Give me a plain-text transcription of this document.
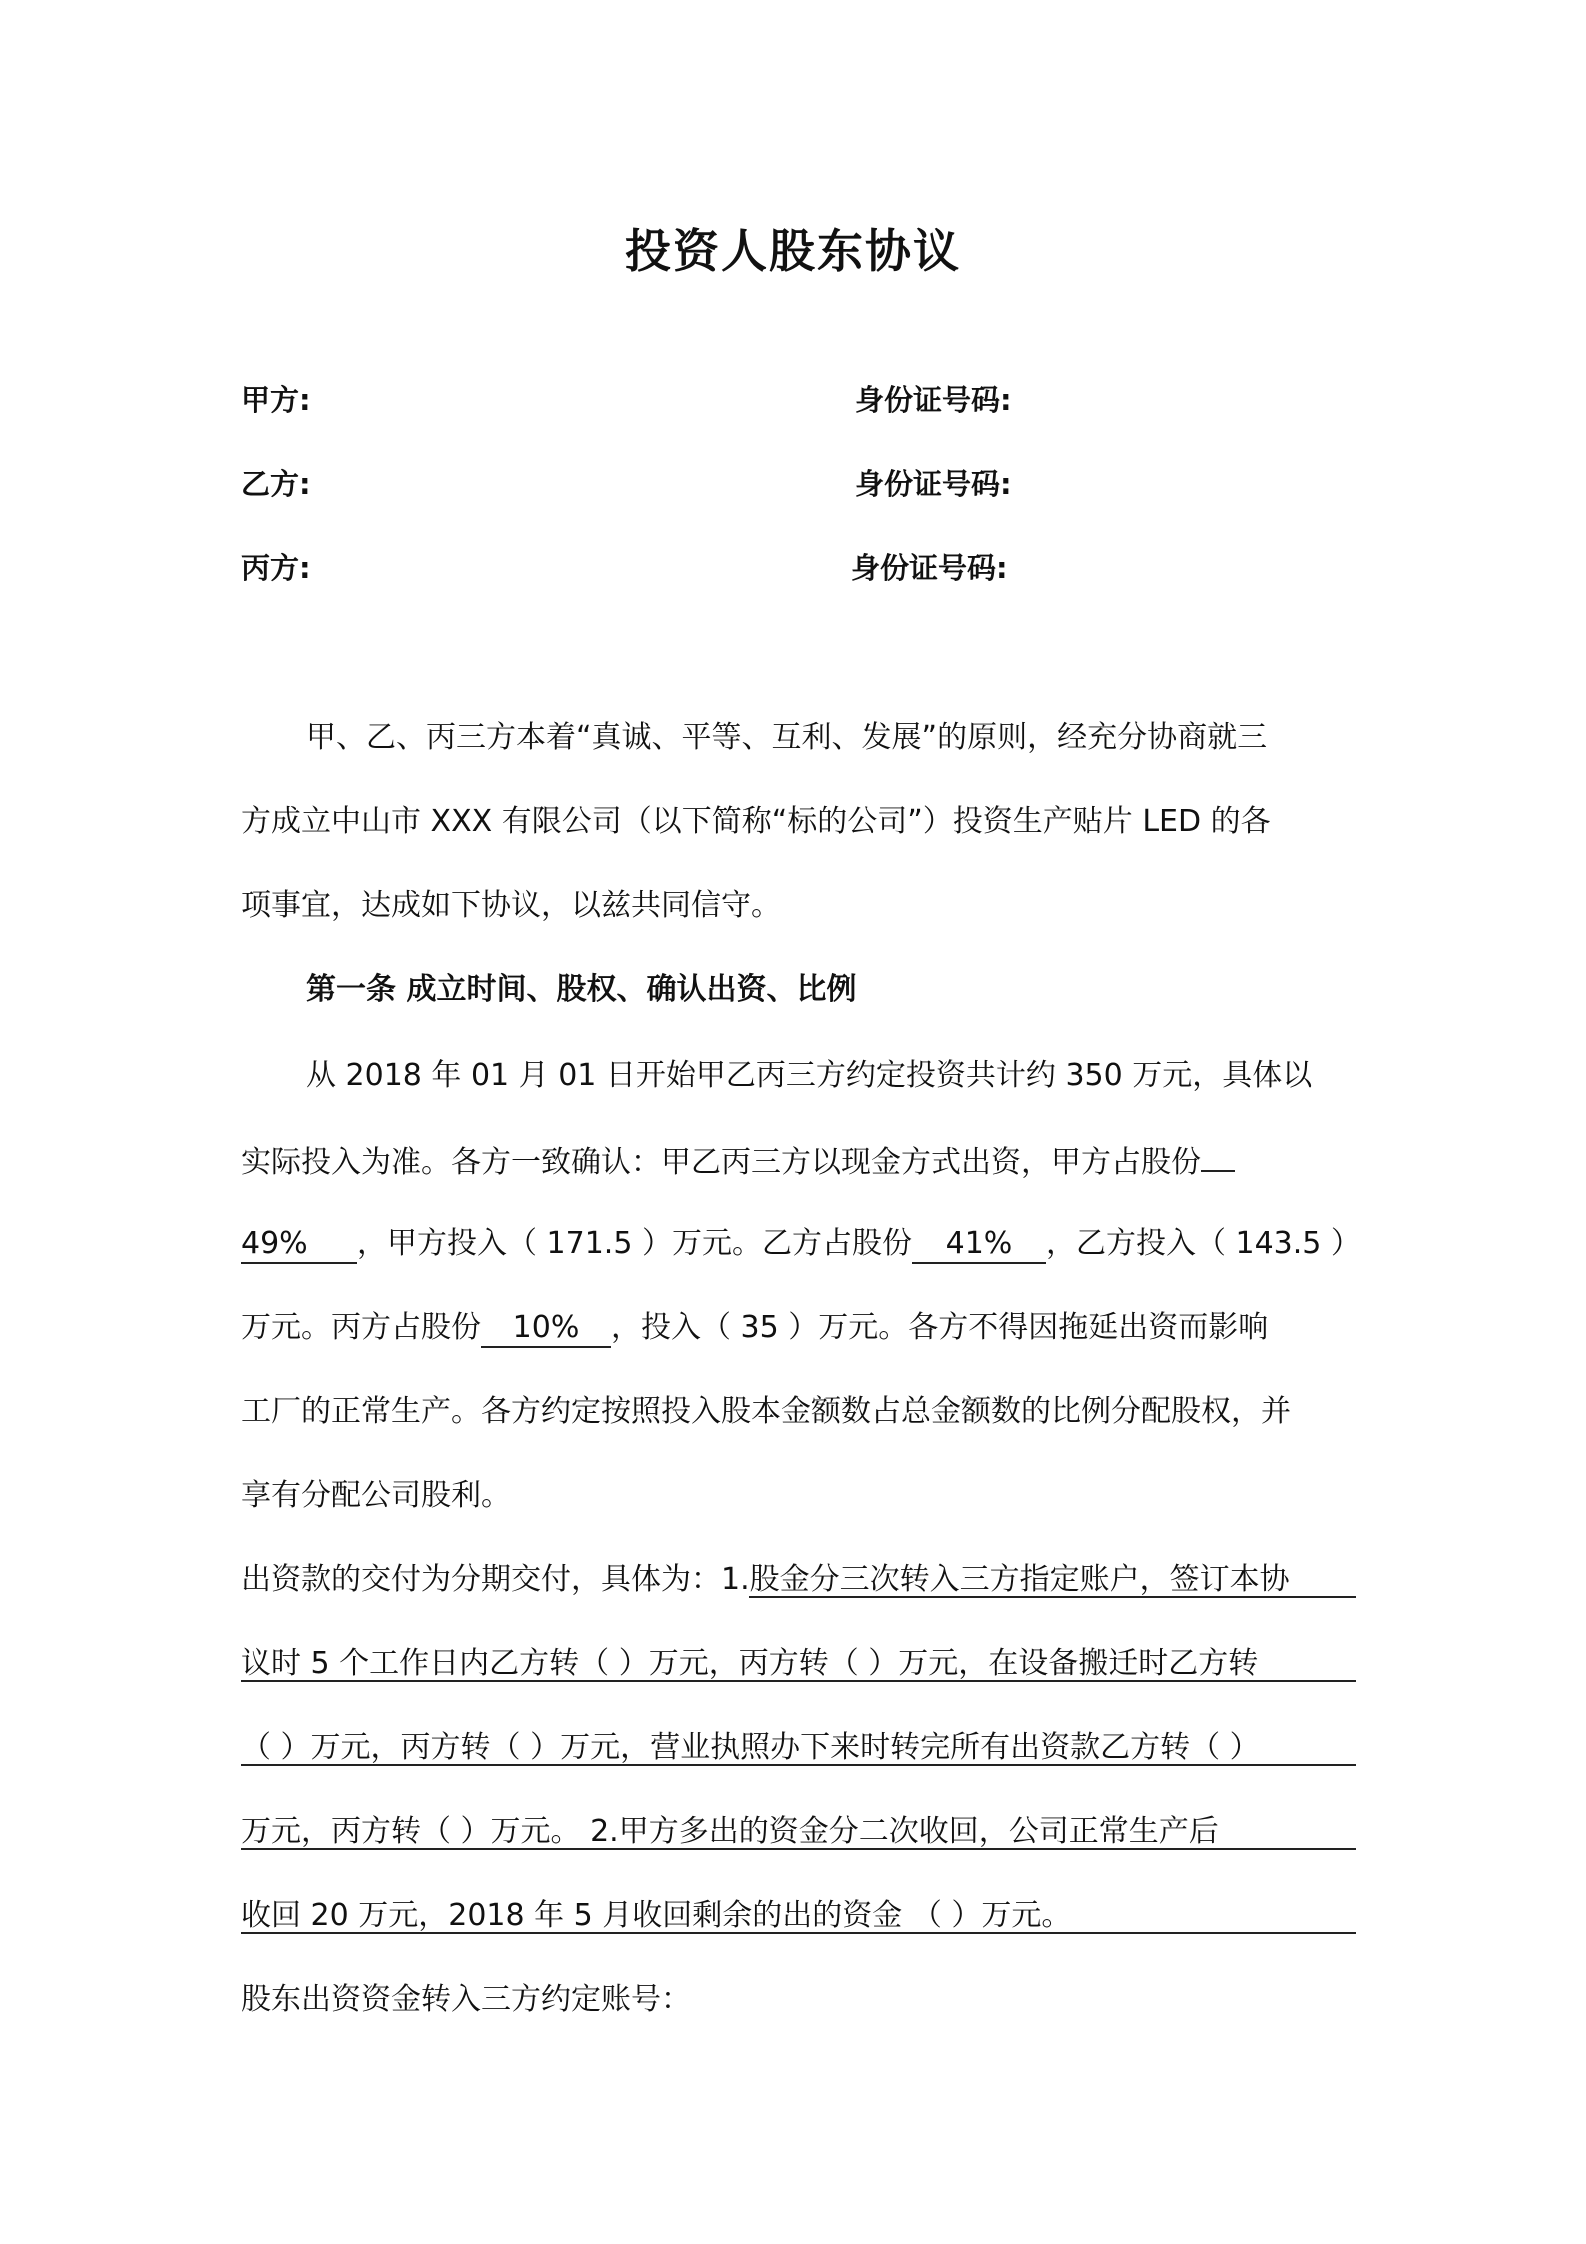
投资人股东协议
甲方:	身份证号码:
乙方:	身份证号码:
丙方:	身份证号码:
甲、乙、丙三方本着“真诚、平等、互利、发展”的原则，经充分协商就三
方成立中山市 XXX 有限公司（以下简称“标的公司”）投资生产贴片 LED 的各
项事宜，达成如下协议，以兹共同信守。
第一条 成立时间、股权、确认出资、比例
从 2018 年 01 月 01 日开始甲乙丙三方约定投资共计约 350 万元，具体以
实际投入为准。各方一致确认：甲乙丙三方以现金方式出资，甲方占股份
49% ，甲方投入（ 171.5 ）万元。乙方占股份 41% ，乙方投入（ 143.5 ）
万元。丙方占股份 10% ，投入（ 35 ）万元。各方不得因拖延出资而影响
工厂的正常生产。各方约定按照投入股本金额数占总金额数的比例分配股权，并
享有分配公司股利。
出资款的交付为分期交付，具体为：1.股金分三次转入三方指定账户，签订本协
议时 5 个工作日内乙方转（ ）万元，丙方转（ ）万元，在设备搬迁时乙方转
（ ）万元，丙方转（ ）万元，营业执照办下来时转完所有出资款乙方转（ ）
万元，丙方转（ ）万元。 2.甲方多出的资金分二次收回，公司正常生产后
收回 20 万元，2018 年 5 月收回剩余的出的资金 （ ）万元。
股东出资资金转入三方约定账号：
